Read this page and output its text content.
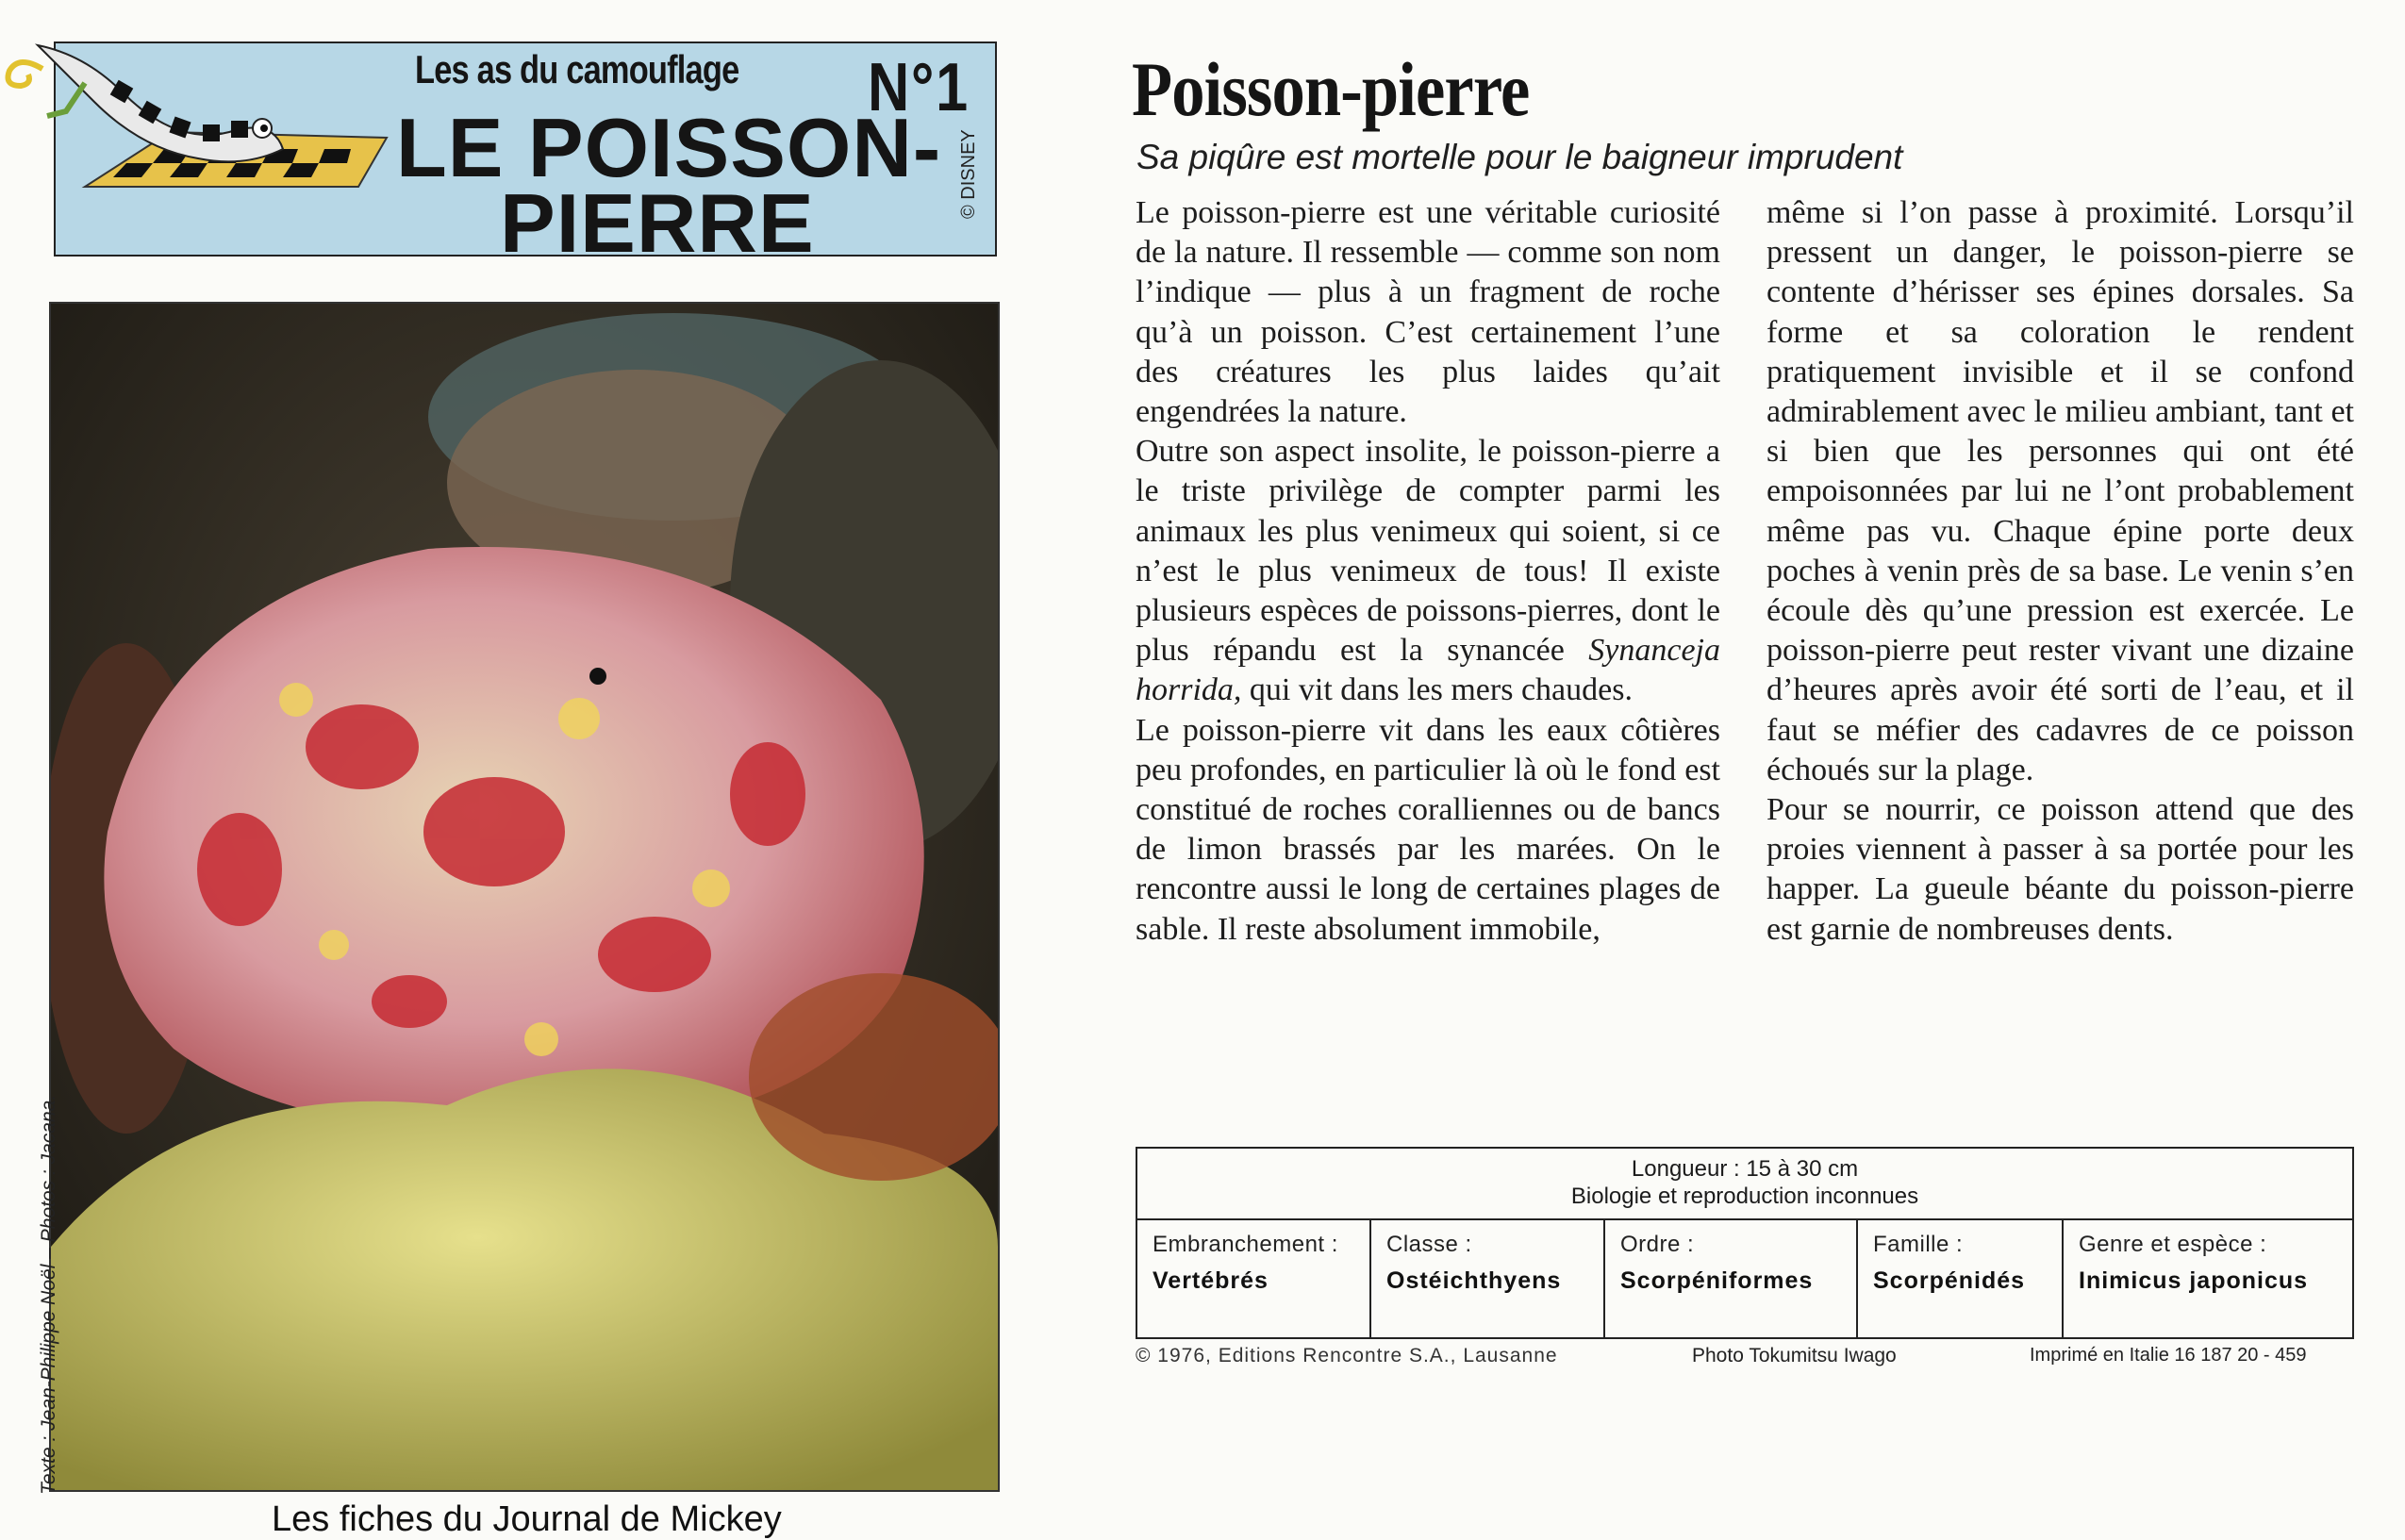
Les as du camouflage N°1
LE POISSON-
PIERRE
© DISNEY
Texte : Jean-Philippe Noël – Photos : Jacana.
Les fiches du Journal de Mickey
Poisson-pierre
Sa piqûre est mortelle pour le baigneur imprudent

Le poisson-pierre est une véritable curiosité de la nature. Il ressemble — comme son nom l’indique — plus à un fragment de roche qu’à un poisson. C’est certainement l’une des créatures les plus laides qu’ait engendrées la nature.

Outre son aspect insolite, le poisson-pierre a le triste privilège de compter parmi les animaux les plus venimeux qui soient, si ce n’est le plus venimeux de tous! Il existe plusieurs espèces de poissons-pierres, dont le plus répandu est la synancée Synanceja horrida, qui vit dans les mers chaudes.

Le poisson-pierre vit dans les eaux côtières peu profondes, en particulier là où le fond est constitué de roches coralliennes ou de bancs de limon brassés par les marées. On le rencontre aussi le long de certaines plages de sable. Il reste absolument immobile,

même si l’on passe à proximité. Lorsqu’il pressent un danger, le poisson-pierre se contente d’hérisser ses épines dorsales. Sa forme et sa coloration le rendent pratiquement invisible et il se confond admirablement avec le milieu ambiant, tant et si bien que les personnes qui ont été empoisonnées par lui ne l’ont probablement même pas vu. Chaque épine porte deux poches à venin près de sa base. Le venin s’en écoule dès qu’une pression est exercée. Le poisson-pierre peut rester vivant une dizaine d’heures après avoir été sorti de l’eau, et il faut se méfier des cadavres de ce poisson échoués sur la plage.

Pour se nourrir, ce poisson attend que des proies viennent à passer à sa portée pour les happer. La gueule béante du poisson-pierre est garnie de nombreuses dents.

Longueur : 15 à 30 cm
Biologie et reproduction inconnues
Embranchement :
Vertébrés
Classe :
Ostéichthyens
Ordre :
Scorpéniformes
Famille :
Scorpénidés
Genre et espèce :
Inimicus japonicus
© 1976, Editions Rencontre S.A., Lausanne	Photo Tokumitsu Iwago	Imprimé en Italie 16 187 20 - 459
